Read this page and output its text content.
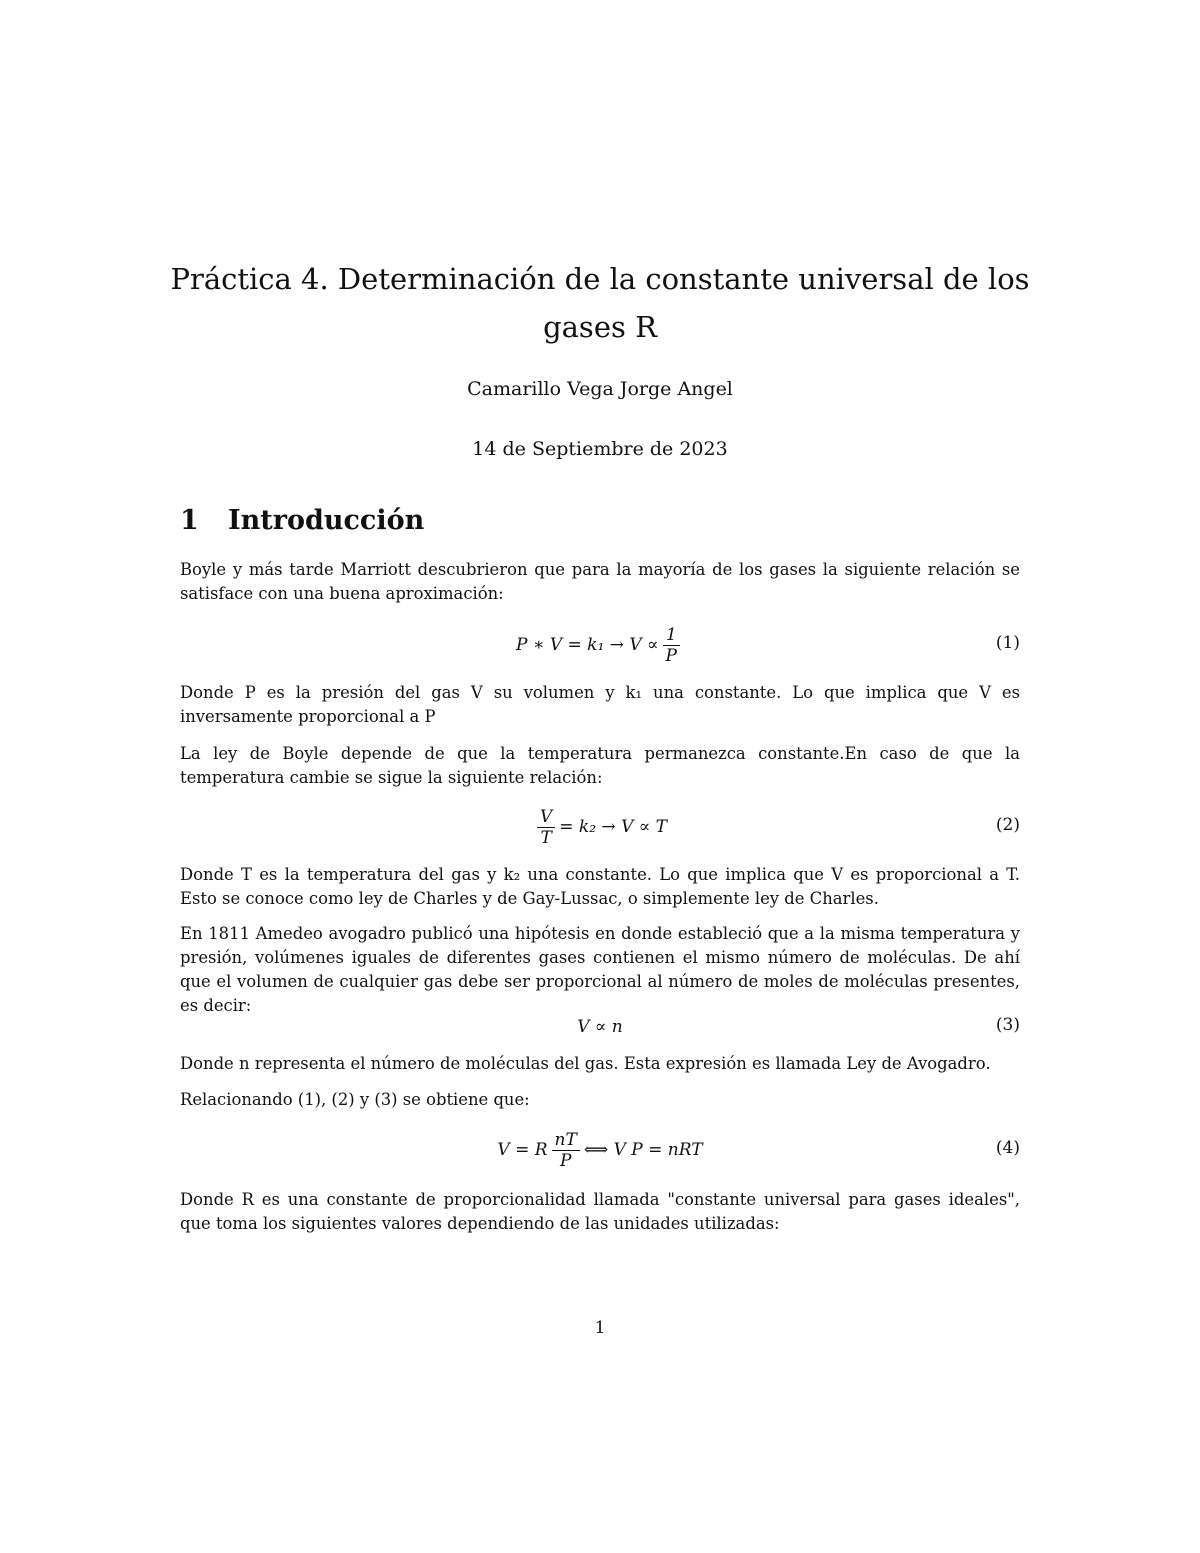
Práctica 4. Determinación de la constante universal de los gases R
Camarillo Vega Jorge Angel
14 de Septiembre de 2023
1 Introducción

Boyle y más tarde Marriott descubrieron que para la mayoría de los gases la siguiente relación se satisface con una buena aproximación:

P ∗ $V = k_1 \to V \propto \frac{1}{P}$	(1)

Donde P es la presión del gas V su volumen y k₁ una constante. Lo que implica que V es inversamente proporcional a P

La ley de Boyle depende de que la temperatura permanezca constante.En caso de que la temperatura cambie se sigue la siguiente relación:

$\frac{V}{T} = k_2 \to V \propto T$	(2)

Donde T es la temperatura del gas y k₂ una constante. Lo que implica que V es proporcional a T. Esto se conoce como ley de Charles y de Gay-Lussac, o simplemente ley de Charles.

En 1811 Amedeo avogadro publicó una hipótesis en donde estableció que a la misma temperatura y presión, volúmenes iguales de diferentes gases contienen el mismo número de moléculas. De ahí que el volumen de cualquier gas debe ser proporcional al número de moles de moléculas presentes, es decir:

V ∝ n	(3)

Donde n representa el número de moléculas del gas. Esta expresión es llamada Ley de Avogadro.

Relacionando (1), (2) y (3) se obtiene que:

V = R $\frac{nT}{P}$ ⟺ V P = nRT	(4)

Donde R es una constante de proporcionalidad llamada "constante universal para gases ideales", que toma los siguientes valores dependiendo de las unidades utilizadas:

1
